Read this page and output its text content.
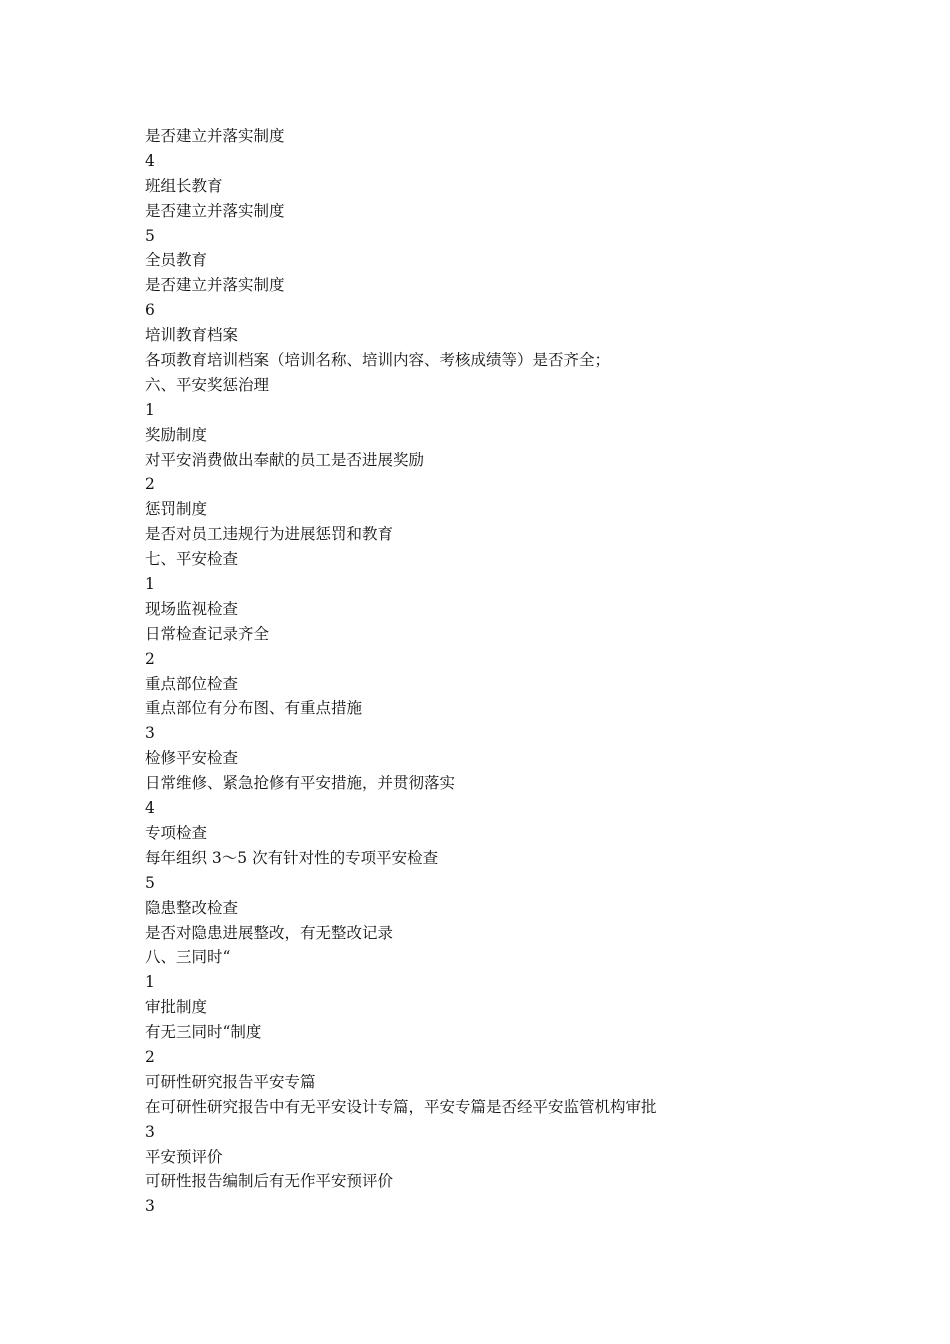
是否建立并落实制度

4

班组长教育

是否建立并落实制度

5

全员教育

是否建立并落实制度

6

培训教育档案

各项教育培训档案（培训名称、培训内容、考核成绩等）是否齐全；

六、平安奖惩治理

1

奖励制度

对平安消费做出奉献的员工是否进展奖励

2

惩罚制度

是否对员工违规行为进展惩罚和教育

七、平安检查

1

现场监视检查

日常检查记录齐全

2

重点部位检查

重点部位有分布图、有重点措施

3

检修平安检查

日常维修、紧急抢修有平安措施，并贯彻落实

4

专项检查

每年组织 3～5 次有针对性的专项平安检查

5

隐患整改检查

是否对隐患进展整改，有无整改记录

八、三同时“

1

审批制度

有无三同时“制度

2

可研性研究报告平安专篇

在可研性研究报告中有无平安设计专篇，平安专篇是否经平安监管机构审批

3

平安预评价

可研性报告编制后有无作平安预评价

3
